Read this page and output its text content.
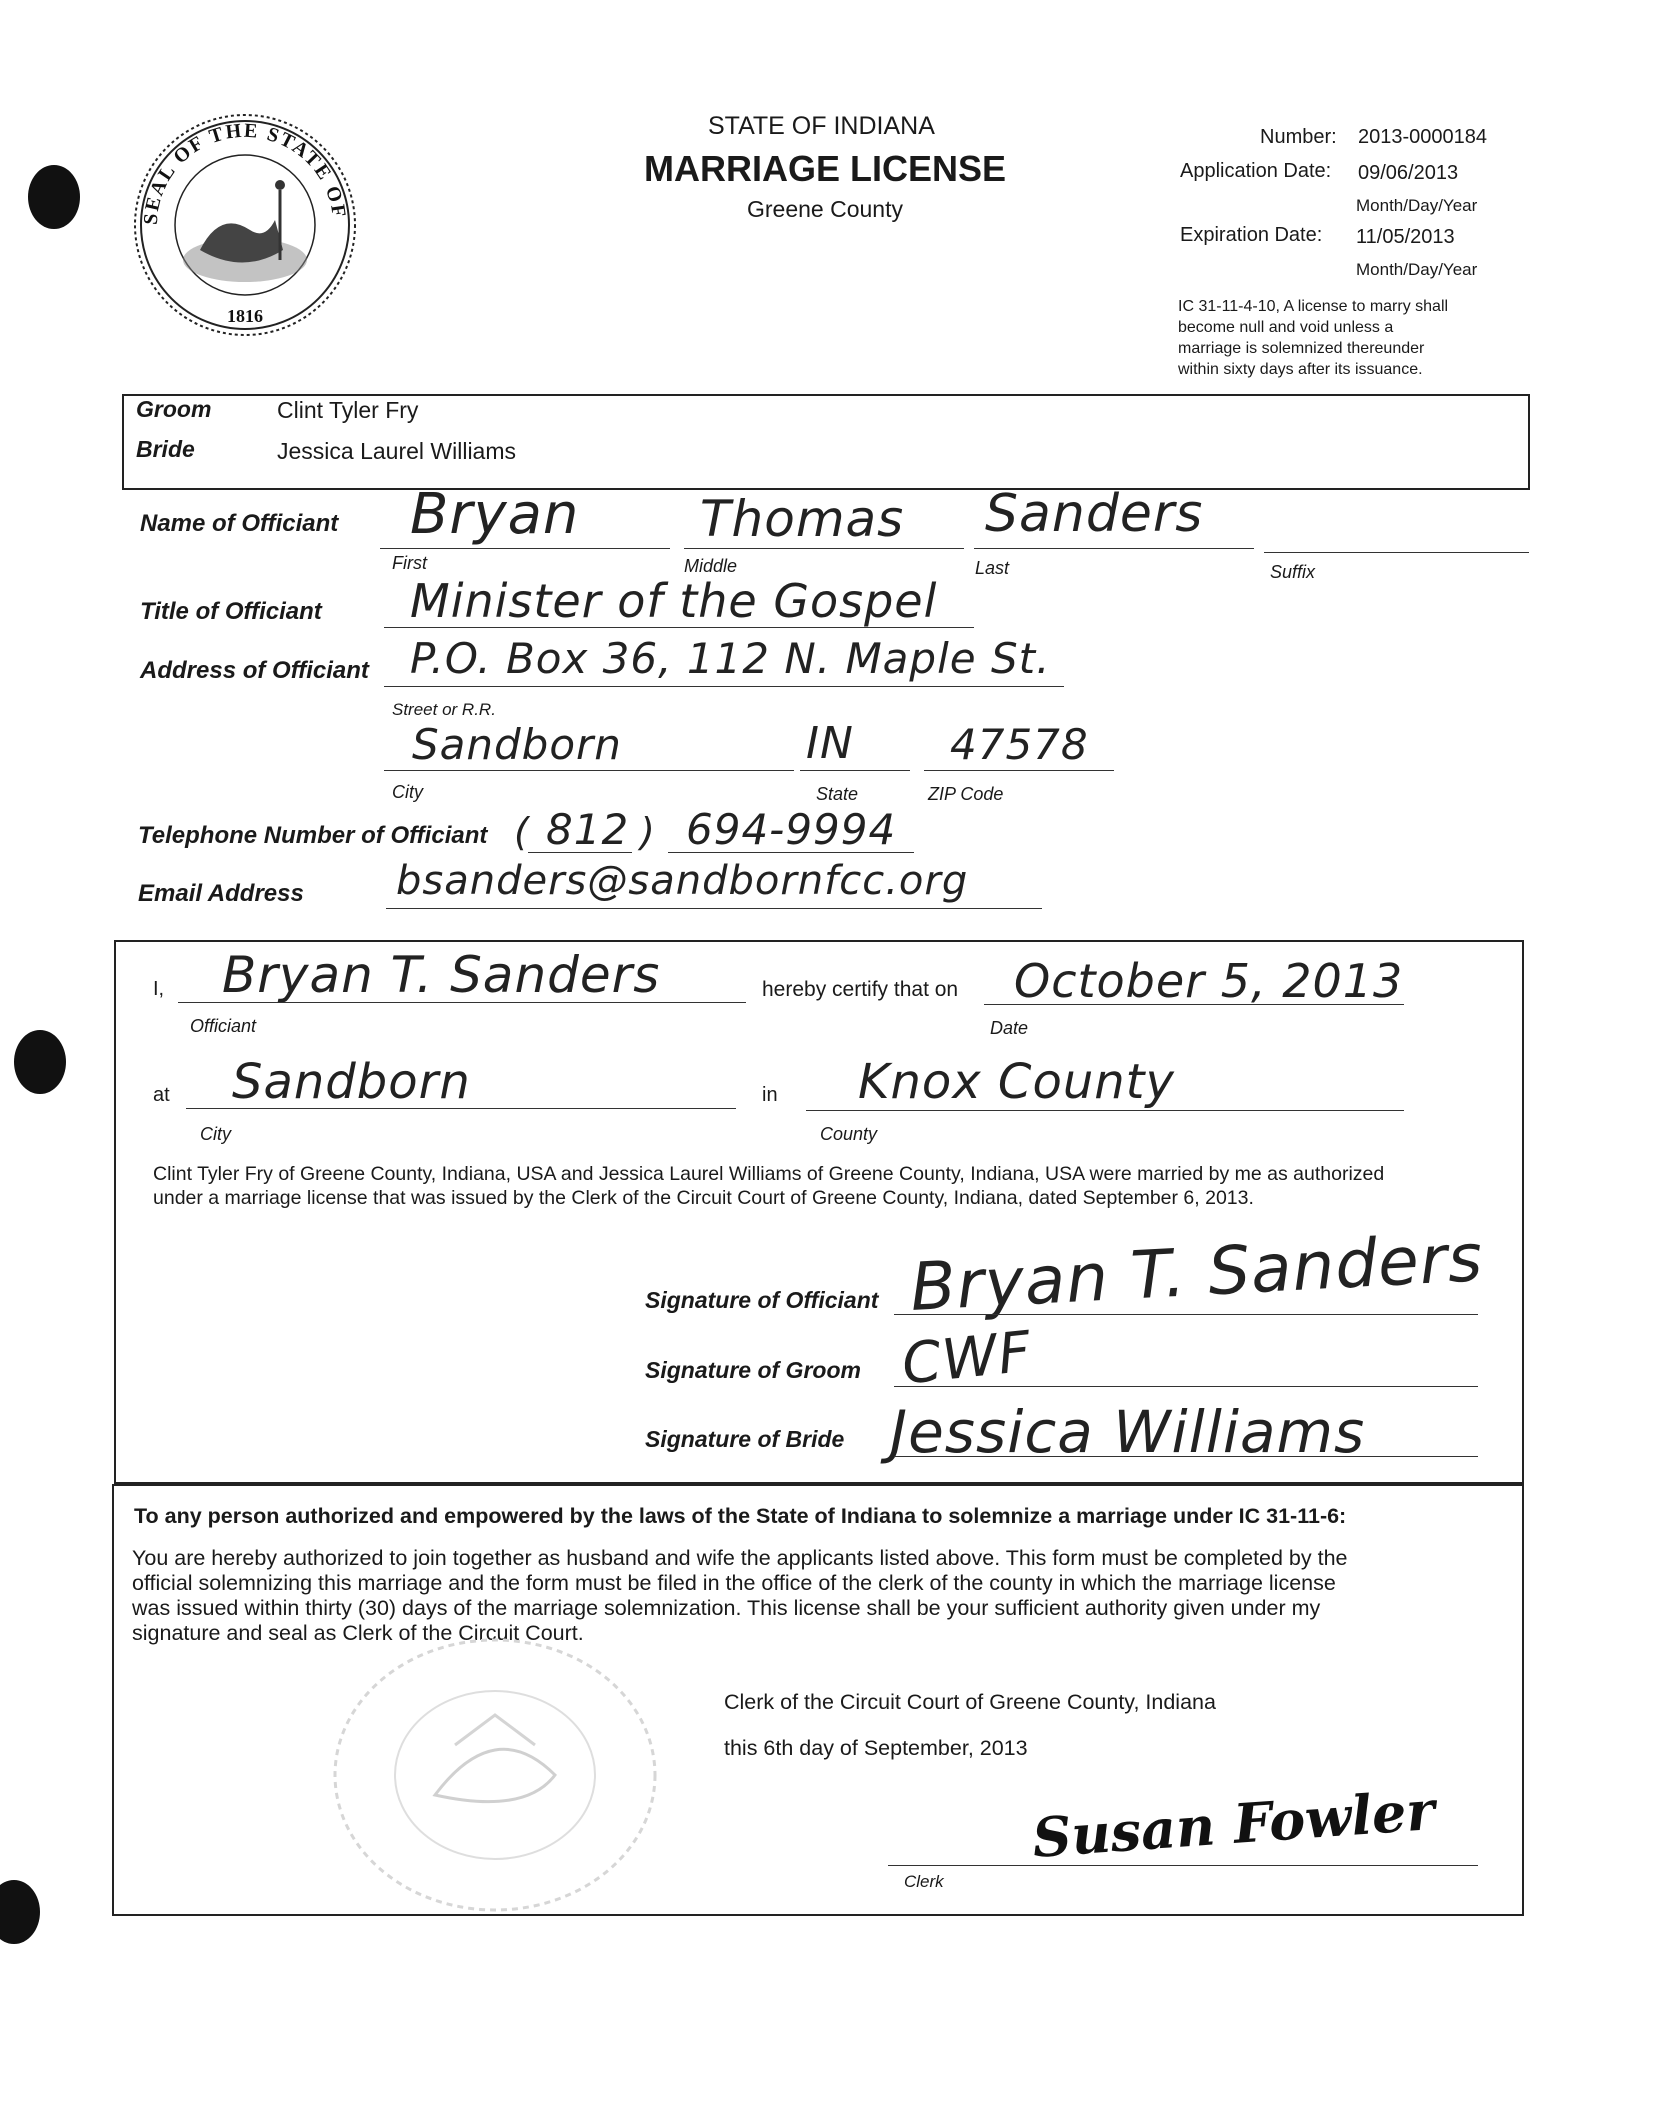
SEAL OF THE STATE OF
1816
STATE OF INDIANA
MARRIAGE LICENSE
Greene County
Number: 2013-0000184
Application Date: 09/06/2013
Month/Day/Year
Expiration Date: 11/05/2013
Month/Day/Year
IC 31-11-4-10, A license to marry shall
become null and void unless a
marriage is solemnized thereunder
within sixty days after its issuance.
Groom	Clint Tyler Fry
Bride	Jessica Laurel Williams
Name of Officiant Bryan Thomas Sanders
First	Middle	Last	Suffix
Title of Officiant Minister of the Gospel
Address of Officiant P.O. Box 36, 112 N. Maple St.
Street or R.R.
Sandborn	IN 47578
City	State	ZIP Code
Telephone Number of Officiant ( 812 ) 694-9994
Email Address bsanders@sandbornfcc.org
I, Bryan T. Sanders
Officiant
hereby certify that on October 5, 2013
Date
at Sandborn
City
in Knox County
County
Clint Tyler Fry of Greene County, Indiana, USA and Jessica Laurel Williams of Greene County, Indiana, USA were married by me as authorized
under a marriage license that was issued by the Clerk of the Circuit Court of Greene County, Indiana, dated September 6, 2013.
Signature of Officiant Bryan T. Sanders
Signature of Groom CWF
Signature of Bride Jessica Williams
To any person authorized and empowered by the laws of the State of Indiana to solemnize a marriage under IC 31-11-6:
You are hereby authorized to join together as husband and wife the applicants listed above. This form must be completed by the
official solemnizing this marriage and the form must be filed in the office of the clerk of the county in which the marriage license
was issued within thirty (30) days of the marriage solemnization. This license shall be your sufficient authority given under my
signature and seal as Clerk of the Circuit Court.
Clerk of the Circuit Court of Greene County, Indiana
this 6th day of September, 2013
Susan Fowler
Clerk
